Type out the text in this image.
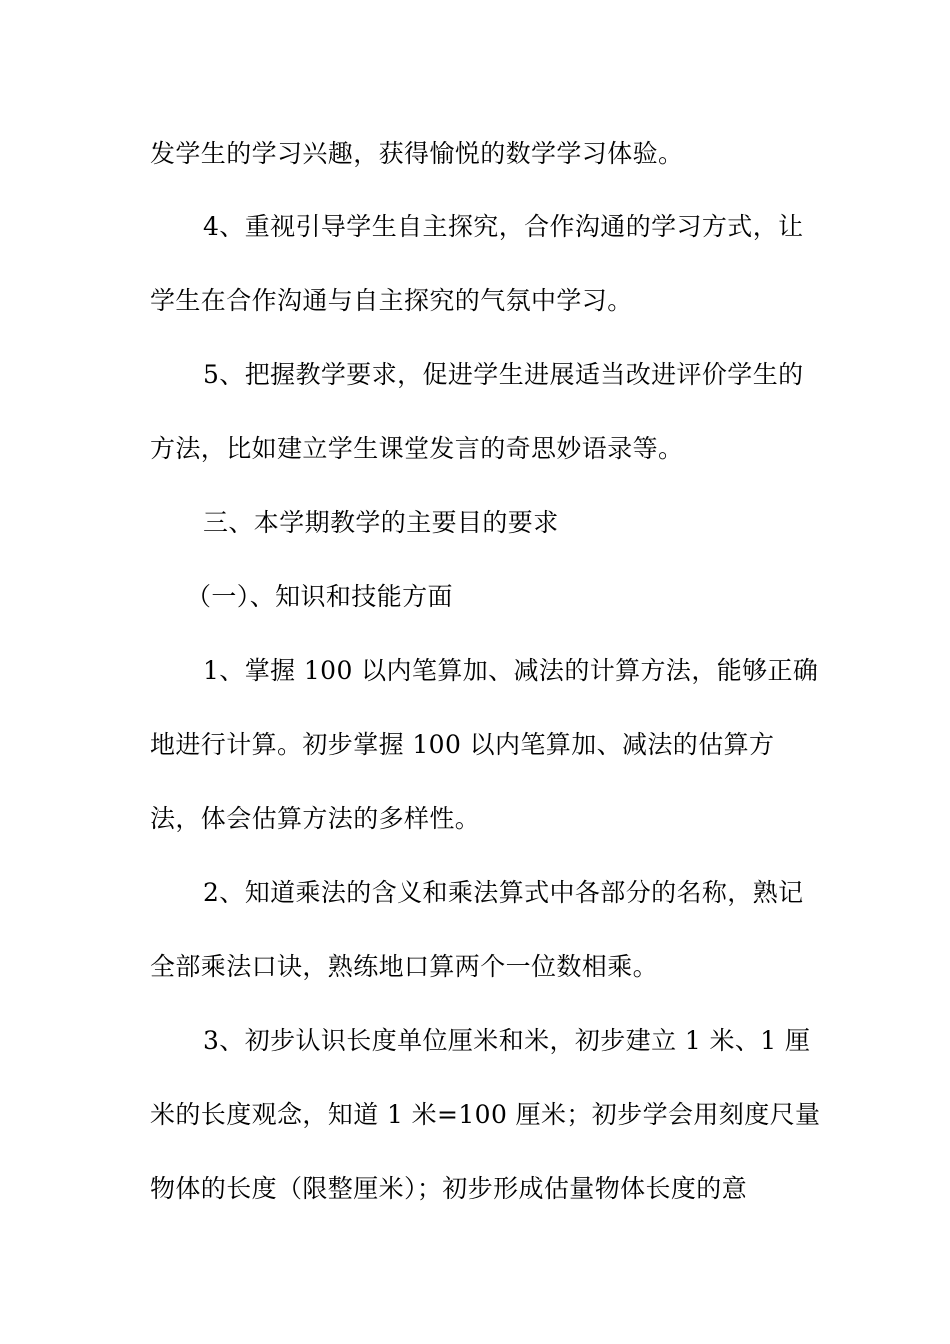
发学生的学习兴趣，获得愉悦的数学学习体验。
4、重视引导学生自主探究，合作沟通的学习方式，让
学生在合作沟通与自主探究的气氛中学习。
5、把握教学要求，促进学生进展适当改进评价学生的
方法，比如建立学生课堂发言的奇思妙语录等。
三、本学期教学的主要目的要求
（一）、知识和技能方面
1、掌握 100 以内笔算加、减法的计算方法，能够正确
地进行计算。初步掌握 100 以内笔算加、减法的估算方
法，体会估算方法的多样性。
2、知道乘法的含义和乘法算式中各部分的名称，熟记
全部乘法口诀，熟练地口算两个一位数相乘。
3、初步认识长度单位厘米和米，初步建立 1 米、1 厘
米的长度观念，知道 1 米=100 厘米；初步学会用刻度尺量
物体的长度（限整厘米）；初步形成估量物体长度的意
